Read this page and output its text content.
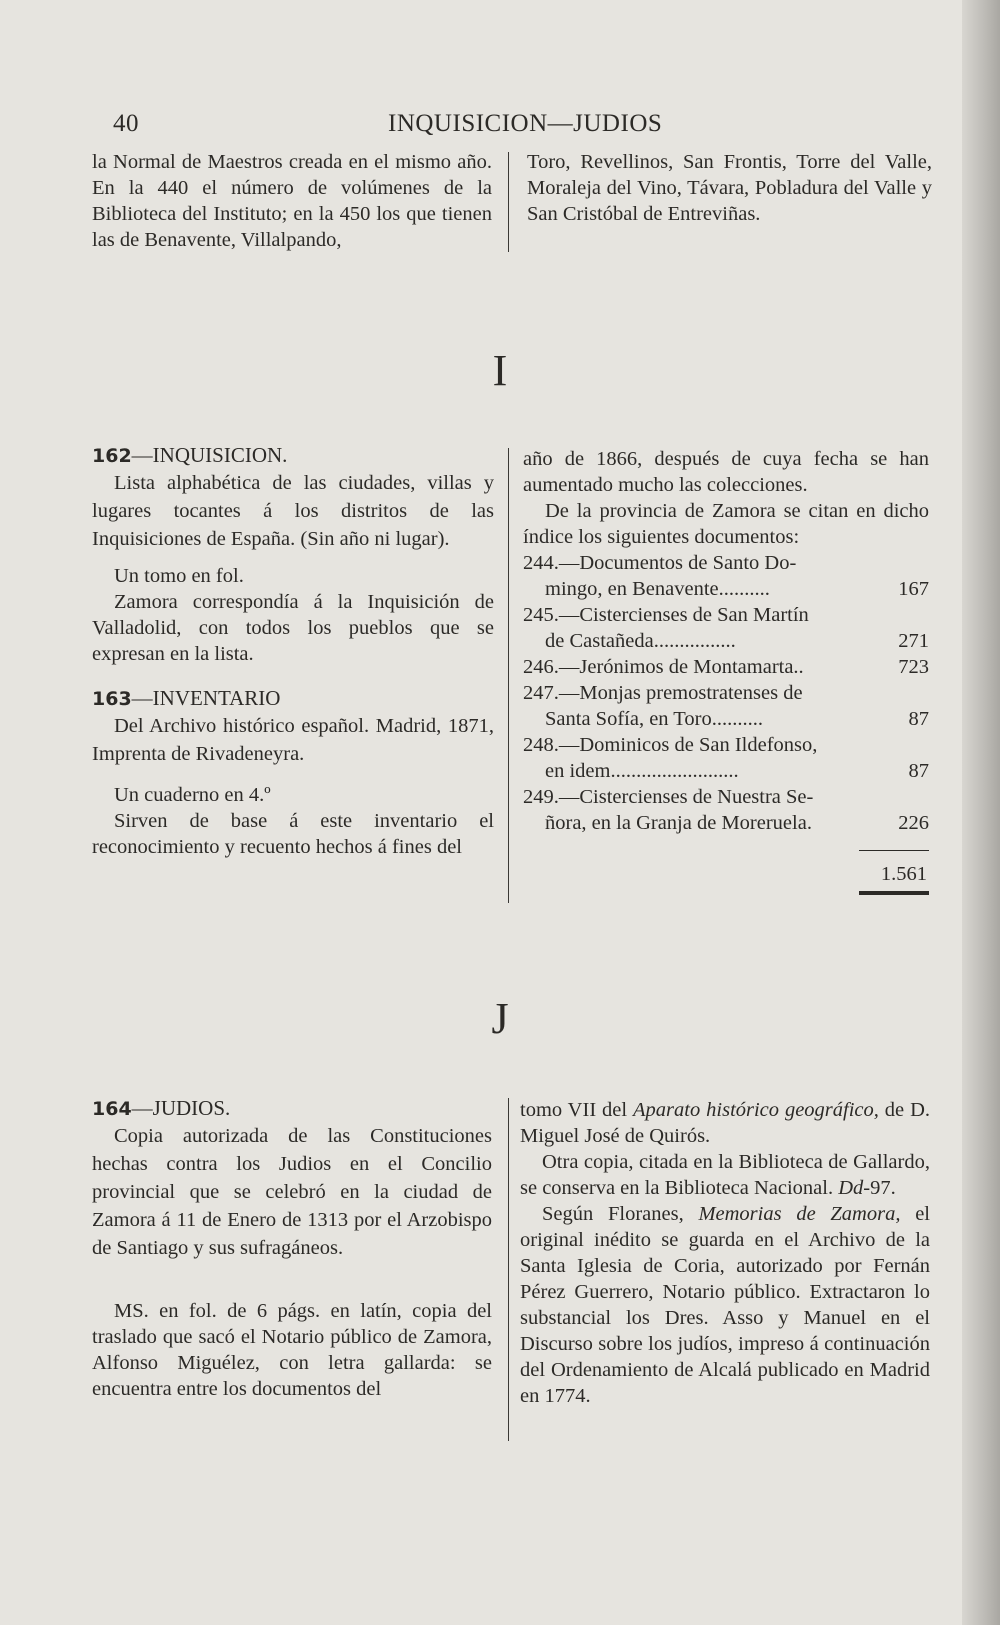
40	INQUISICION—JUDIOS

la Normal de Maestros creada en el mismo año. En la 440 el número de volúmenes de la Biblioteca del Instituto; en la 450 los que tienen las de Benavente, Villalpando,

Toro, Revellinos, San Frontis, Torre del Valle, Moraleja del Vino, Távara, Pobladura del Valle y San Cristóbal de Entreviñas.

I

162—INQUISICION.

Lista alphabética de las ciudades, villas y lugares tocantes á los distritos de las Inquisiciones de España. (Sin año ni lugar).

Un tomo en fol.

Zamora correspondía á la Inquisición de Valladolid, con todos los pueblos que se expresan en la lista.

163—INVENTARIO

Del Archivo histórico español. Madrid, 1871, Imprenta de Rivadeneyra.

Un cuaderno en 4.º

Sirven de base á este inventario el reconocimiento y recuento hechos á fines del

año de 1866, después de cuya fecha se han aumentado mucho las colecciones.

De la provincia de Zamora se citan en dicho índice los siguientes documentos:

244.—Documentos de Santo Do-
mingo, en Benavente..........	167
245.—Cistercienses de San Martín
de Castañeda................	271
246.—Jerónimos de Montamarta..	723
247.—Monjas premostratenses de
Santa Sofía, en Toro..........	87
248.—Dominicos de San Ildefonso,
en idem.........................	87
249.—Cistercienses de Nuestra Se-
ñora, en la Granja de Moreruela.	226
1.561
J

164—JUDIOS.

Copia autorizada de las Constituciones hechas contra los Judios en el Concilio provincial que se celebró en la ciudad de Zamora á 11 de Enero de 1313 por el Arzobispo de Santiago y sus sufragáneos.

MS. en fol. de 6 págs. en latín, copia del traslado que sacó el Notario público de Zamora, Alfonso Miguélez, con letra gallarda: se encuentra entre los documentos del

tomo VII del Aparato histórico geográfico, de D. Miguel José de Quirós.

Otra copia, citada en la Biblioteca de Gallardo, se conserva en la Biblioteca Nacional. Dd-97.

Según Floranes, Memorias de Zamora, el original inédito se guarda en el Archivo de la Santa Iglesia de Coria, autorizado por Fernán Pérez Guerrero, Notario público. Extractaron lo substancial los Dres. Asso y Manuel en el Discurso sobre los judíos, impreso á continuación del Ordenamiento de Alcalá publicado en Madrid en 1774.
